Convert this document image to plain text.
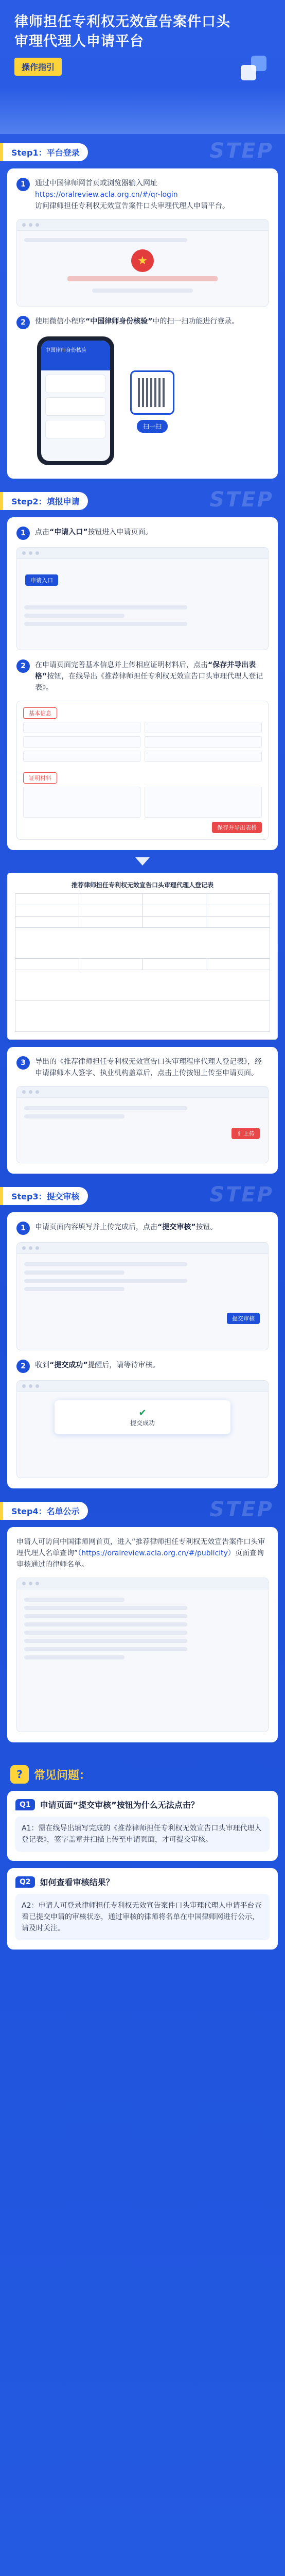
律师担任专利权无效宣告案件口头审理代理人申请平台
操作指引
Step1：平台登录	STEP
1	通过中国律师网首页或浏览器输入网址
https://oralreview.acla.org.cn/#/qr-login
访问律师担任专利权无效宣告案件口头审理代理人申请平台。
★
2	使用微信小程序“中国律师身份核验”中的扫一扫功能进行登录。
中国律师身份核验

扫一扫
Step2：填报申请	STEP
1	点击“申请入口”按钮进入申请页面。
申请入口
2	在申请页面完善基本信息并上传相应证明材料后，点击“保存并导出表格”按钮，在线导出《推荐律师担任专利权无效宣告口头审理代理人登记表》。
基本信息
证明材料
保存并导出表格
推荐律师担任专利权无效宣告口头审理代理人登记表
3	导出的《推荐律师担任专利权无效宣告口头审理程序代理人登记表》，经申请律师本人签字、执业机构盖章后，点击上传按钮上传至申请页面。
⇪ 上传
Step3：提交审核	STEP
1	申请页面内容填写并上传完成后，点击“提交审核”按钮。
提交审核
2	收到“提交成功”提醒后，请等待审核。
✔
提交成功
Step4：名单公示	STEP
申请人可访问中国律师网首页，进入“推荐律师担任专利权无效宣告案件口头审理代理人名单查询”（https://oralreview.acla.org.cn/#/publicity）页面查询审核通过的律师名单。
?	常见问题：
Q1	申请页面“提交审核”按钮为什么无法点击？
A1：需在线导出填写完成的《推荐律师担任专利权无效宣告口头审理代理人登记表》，签字盖章并扫描上传至申请页面，才可提交审核。
Q2	如何查看审核结果？
A2：申请人可登录律师担任专利权无效宣告案件口头审理代理人申请平台查看已提交申请的审核状态，通过审核的律师将名单在中国律师网进行公示，请及时关注。
